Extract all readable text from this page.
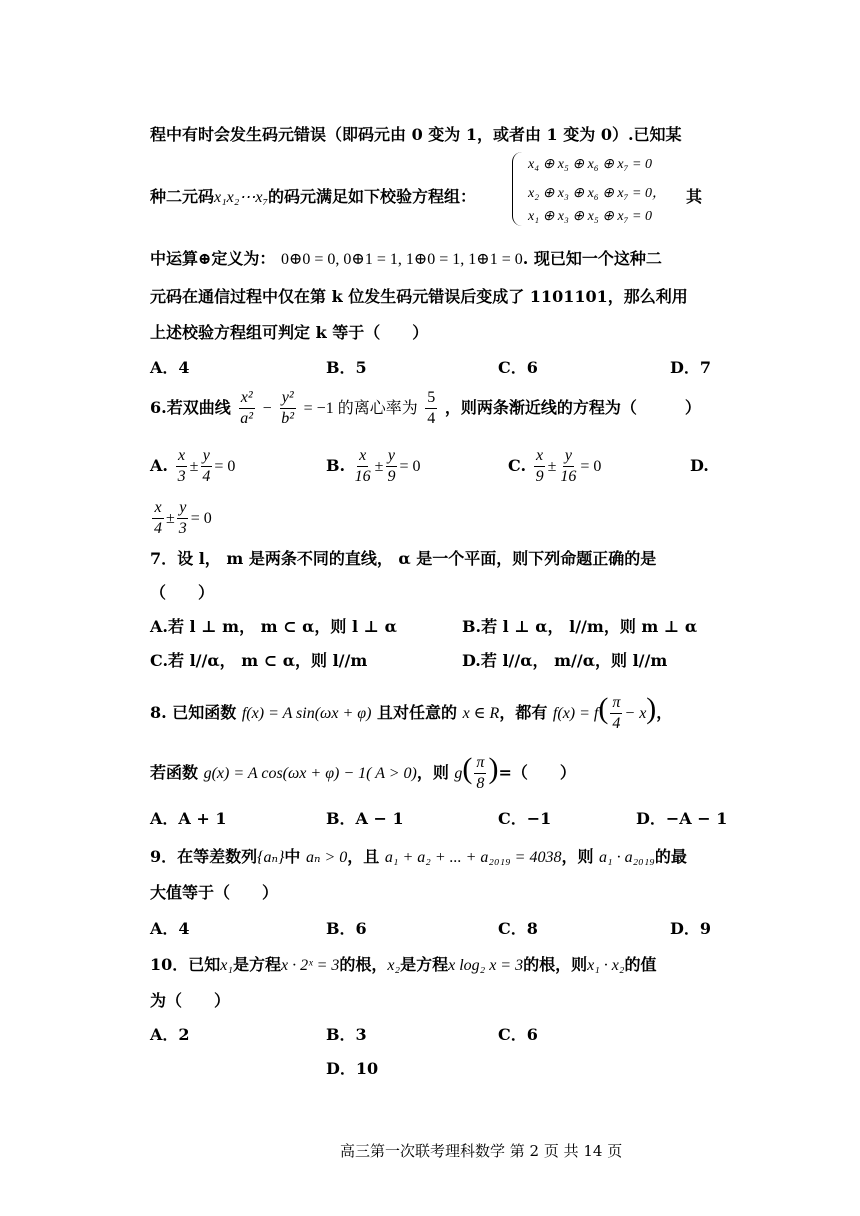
程中有时会发生码元错误（即码元由 0 变为 1，或者由 1 变为 0）.已知某
种二元码x₁x₂⋯x₇的码元满足如下校验方程组：
x₄ ⊕ x₅ ⊕ x₆ ⊕ x₇ = 0
x₂ ⊕ x₃ ⊕ x₆ ⊕ x₇ = 0，
x₁ ⊕ x₃ ⊕ x₅ ⊕ x₇ = 0
其
中运算⊕定义为： 0⊕0 = 0, 0⊕1 = 1, 1⊕0 = 1, 1⊕1 = 0. 现已知一个这种二
元码在通信过程中仅在第 k 位发生码元错误后变成了 1101101，那么利用
上述校验方程组可判定 k 等于（　　）
A．4	B．5	C．6	D．7
6.若双曲线 $\frac{\text{x²}}{\text{a²}} - \frac{\text{y²}}{\text{b²}} = -1$ 的离心率为 $\frac{5}{4}$ ，则两条渐近线的方程为（　　　）
A. $\frac{x}{3} \pm \frac{y}{4} = 0$	B. $\frac{x}{16} \pm \frac{y}{9} = 0$	C. $\frac{x}{9} \pm \frac{y}{16} = 0$	D.
$\frac{x}{4} \pm \frac{y}{3} = 0$
7．设 l， m 是两条不同的直线， α 是一个平面，则下列命题正确的是
（　　）
A.若 l ⊥ m， m ⊂ α，则 l ⊥ α	B.若 l ⊥ α， l//m，则 m ⊥ α
C.若 l//α， m ⊂ α，则 l//m	D.若 l//α， m//α，则 l//m
8. 已知函数 f(x) = A sin(ωx + φ) 且对任意的 x ∈ R，都有 $f(x) = f( \frac{\pi}{4} - x)$，
若函数 g(x) = A cos(ωx + φ) − 1( A > 0)，则 $g( \frac{\pi}{8}$ )=（　　）
A．A + 1	B．A − 1	C．−1	D．−A − 1
9．在等差数列{aₙ}中 aₙ > 0，且 a₁ + a₂ + ... + a₂₀₁₉ = 4038，则 a₁ · a₂₀₁₉的最
大值等于（　　）
A．4	B．6	C．8	D．9
10．已知x₁是方程x · 2ˣ = 3的根，x₂是方程x log₂ x = 3的根，则x₁ · x₂的值
为（　　）
A．2	B．3	C．6
D．10
高三第一次联考理科数学 第 2 页 共 14 页
